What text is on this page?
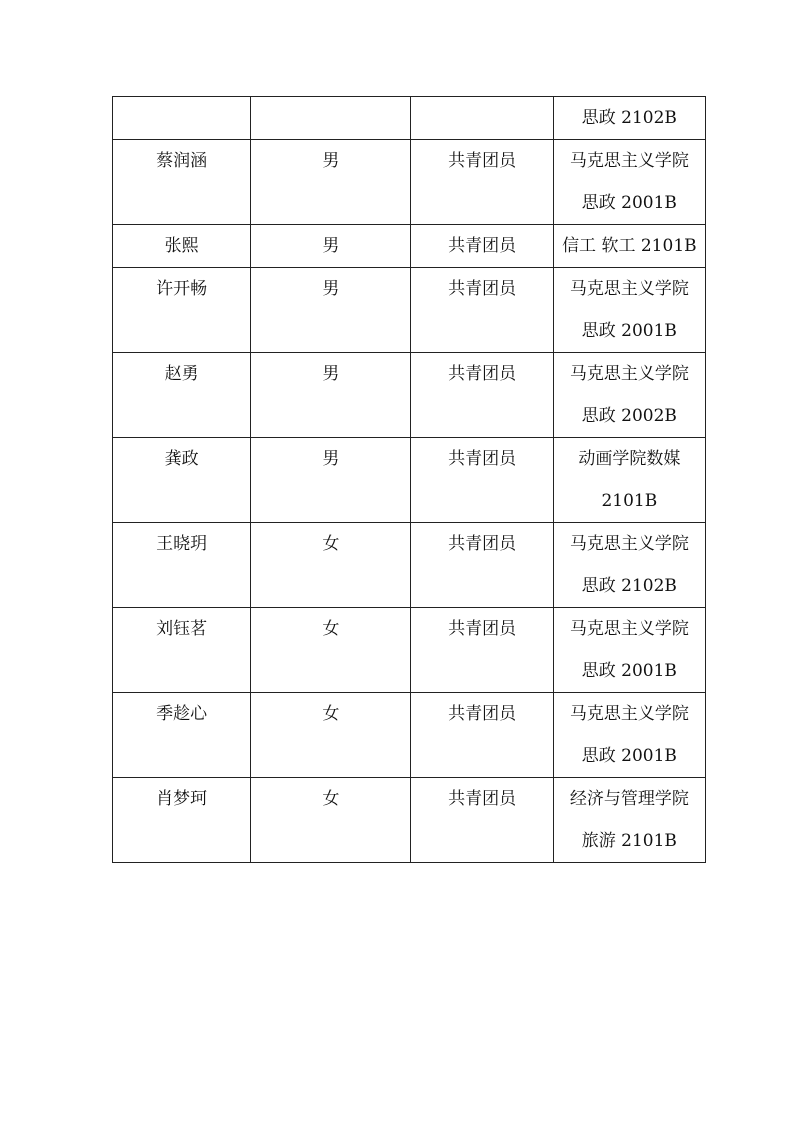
			思政 2102B

蔡润涵	男	共青团员	马克思主义学院
思政 2001B

张熙	男	共青团员	信工 软工 2101B

许开畅	男	共青团员	马克思主义学院
思政 2001B

赵勇	男	共青团员	马克思主义学院
思政 2002B

龚政	男	共青团员	动画学院数媒
2101B

王晓玥	女	共青团员	马克思主义学院
思政 2102B

刘钰茗	女	共青团员	马克思主义学院
思政 2001B

季趁心	女	共青团员	马克思主义学院
思政 2001B

肖梦珂	女	共青团员	经济与管理学院
旅游 2101B
